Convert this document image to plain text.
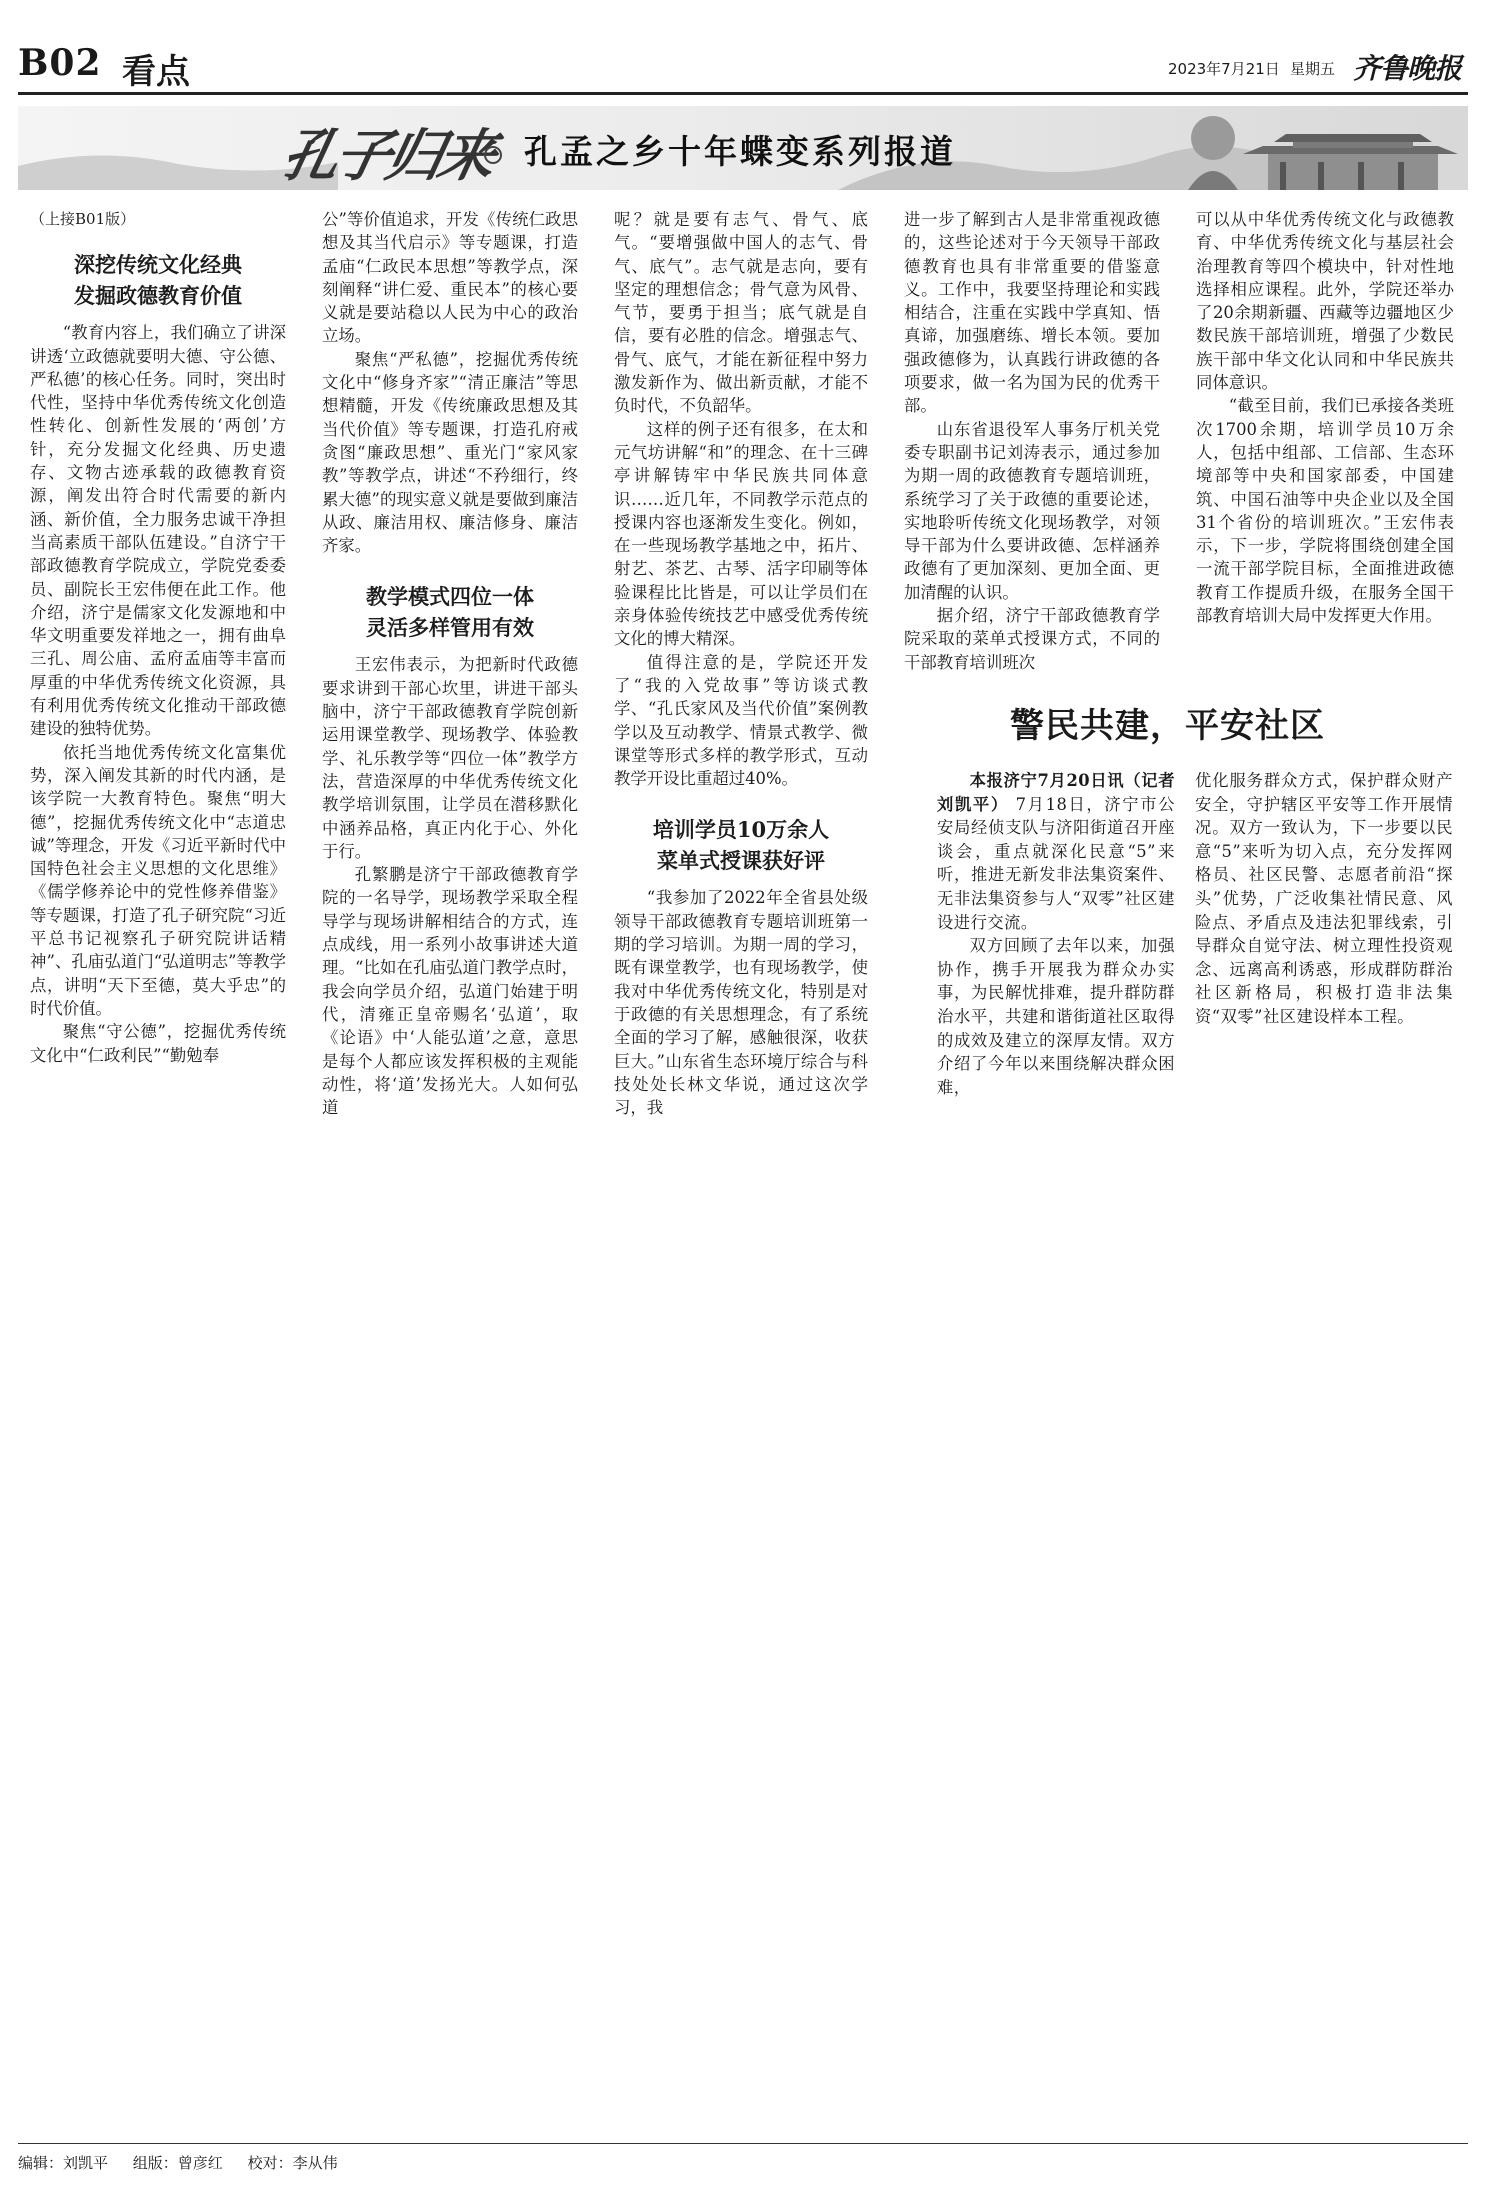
B02 看点	2023年7月21日 星期五 齐鲁晚报
孔子归来 孔孟之乡十年蝶变系列报道

（上接B01版）

深挖传统文化经典
发掘政德教育价值

“教育内容上，我们确立了讲深讲透‘立政德就要明大德、守公德、严私德’的核心任务。同时，突出时代性，坚持中华优秀传统文化创造性转化、创新性发展的‘两创’方针，充分发掘文化经典、历史遗存、文物古迹承载的政德教育资源，阐发出符合时代需要的新内涵、新价值，全力服务忠诚干净担当高素质干部队伍建设。”自济宁干部政德教育学院成立，学院党委委员、副院长王宏伟便在此工作。他介绍，济宁是儒家文化发源地和中华文明重要发祥地之一，拥有曲阜三孔、周公庙、孟府孟庙等丰富而厚重的中华优秀传统文化资源，具有利用优秀传统文化推动干部政德建设的独特优势。

依托当地优秀传统文化富集优势，深入阐发其新的时代内涵，是该学院一大教育特色。聚焦“明大德”，挖掘优秀传统文化中“志道忠诚”等理念，开发《习近平新时代中国特色社会主义思想的文化思维》《儒学修养论中的党性修养借鉴》等专题课，打造了孔子研究院“习近平总书记视察孔子研究院讲话精神”、孔庙弘道门“弘道明志”等教学点，讲明“天下至德，莫大乎忠”的时代价值。

聚焦“守公德”，挖掘优秀传统文化中“仁政利民”“勤勉奉

公”等价值追求，开发《传统仁政思想及其当代启示》等专题课，打造孟庙“仁政民本思想”等教学点，深刻阐释“讲仁爱、重民本”的核心要义就是要站稳以人民为中心的政治立场。

聚焦“严私德”，挖掘优秀传统文化中“修身齐家”“清正廉洁”等思想精髓，开发《传统廉政思想及其当代价值》等专题课，打造孔府戒贪图“廉政思想”、重光门“家风家教”等教学点，讲述“不矜细行，终累大德”的现实意义就是要做到廉洁从政、廉洁用权、廉洁修身、廉洁齐家。

教学模式四位一体
灵活多样管用有效

王宏伟表示，为把新时代政德要求讲到干部心坎里，讲进干部头脑中，济宁干部政德教育学院创新运用课堂教学、现场教学、体验教学、礼乐教学等“四位一体”教学方法，营造深厚的中华优秀传统文化教学培训氛围，让学员在潜移默化中涵养品格，真正内化于心、外化于行。

孔繁鹏是济宁干部政德教育学院的一名导学，现场教学采取全程导学与现场讲解相结合的方式，连点成线，用一系列小故事讲述大道理。“比如在孔庙弘道门教学点时，我会向学员介绍，弘道门始建于明代，清雍正皇帝赐名‘弘道’，取《论语》中‘人能弘道’之意，意思是每个人都应该发挥积极的主观能动性，将‘道’发扬光大。人如何弘道

呢？就是要有志气、骨气、底气。“要增强做中国人的志气、骨气、底气”。志气就是志向，要有坚定的理想信念；骨气意为风骨、气节，要勇于担当；底气就是自信，要有必胜的信念。增强志气、骨气、底气，才能在新征程中努力激发新作为、做出新贡献，才能不负时代，不负韶华。

这样的例子还有很多，在太和元气坊讲解“和”的理念、在十三碑亭讲解铸牢中华民族共同体意识……近几年，不同教学示范点的授课内容也逐渐发生变化。例如，在一些现场教学基地之中，拓片、射艺、茶艺、古琴、活字印刷等体验课程比比皆是，可以让学员们在亲身体验传统技艺中感受优秀传统文化的博大精深。

值得注意的是，学院还开发了“我的入党故事”等访谈式教学、“孔氏家风及当代价值”案例教学以及互动教学、情景式教学、微课堂等形式多样的教学形式，互动教学开设比重超过40%。

培训学员10万余人
菜单式授课获好评

“我参加了2022年全省县处级领导干部政德教育专题培训班第一期的学习培训。为期一周的学习，既有课堂教学，也有现场教学，使我对中华优秀传统文化，特别是对于政德的有关思想理念，有了系统全面的学习了解，感触很深，收获巨大。”山东省生态环境厅综合与科技处处长林文华说，通过这次学习，我

进一步了解到古人是非常重视政德的，这些论述对于今天领导干部政德教育也具有非常重要的借鉴意义。工作中，我要坚持理论和实践相结合，注重在实践中学真知、悟真谛，加强磨练、增长本领。要加强政德修为，认真践行讲政德的各项要求，做一名为国为民的优秀干部。

山东省退役军人事务厅机关党委专职副书记刘涛表示，通过参加为期一周的政德教育专题培训班，系统学习了关于政德的重要论述，实地聆听传统文化现场教学，对领导干部为什么要讲政德、怎样涵养政德有了更加深刻、更加全面、更加清醒的认识。

据介绍，济宁干部政德教育学院采取的菜单式授课方式，不同的干部教育培训班次

可以从中华优秀传统文化与政德教育、中华优秀传统文化与基层社会治理教育等四个模块中，针对性地选择相应课程。此外，学院还举办了20余期新疆、西藏等边疆地区少数民族干部培训班，增强了少数民族干部中华文化认同和中华民族共同体意识。

“截至目前，我们已承接各类班次1700余期，培训学员10万余人，包括中组部、工信部、生态环境部等中央和国家部委，中国建筑、中国石油等中央企业以及全国31个省份的培训班次。”王宏伟表示，下一步，学院将围绕创建全国一流干部学院目标，全面推进政德教育工作提质升级，在服务全国干部教育培训大局中发挥更大作用。

警民共建，平安社区

本报济宁7月20日讯（记者 刘凯平） 7月18日，济宁市公安局经侦支队与济阳街道召开座谈会，重点就深化民意“5”来听，推进无新发非法集资案件、无非法集资参与人“双零”社区建设进行交流。

双方回顾了去年以来，加强协作，携手开展我为群众办实事，为民解忧排难，提升群防群治水平，共建和谐街道社区取得的成效及建立的深厚友情。双方介绍了今年以来围绕解决群众困难，

优化服务群众方式，保护群众财产安全，守护辖区平安等工作开展情况。双方一致认为，下一步要以民意“5”来听为切入点，充分发挥网格员、社区民警、志愿者前沿“探头”优势，广泛收集社情民意、风险点、矛盾点及违法犯罪线索，引导群众自觉守法、树立理性投资观念、远离高利诱惑，形成群防群治社区新格局，积极打造非法集资“双零”社区建设样本工程。

编辑：刘凯平 组版：曾彦红 校对：李从伟
